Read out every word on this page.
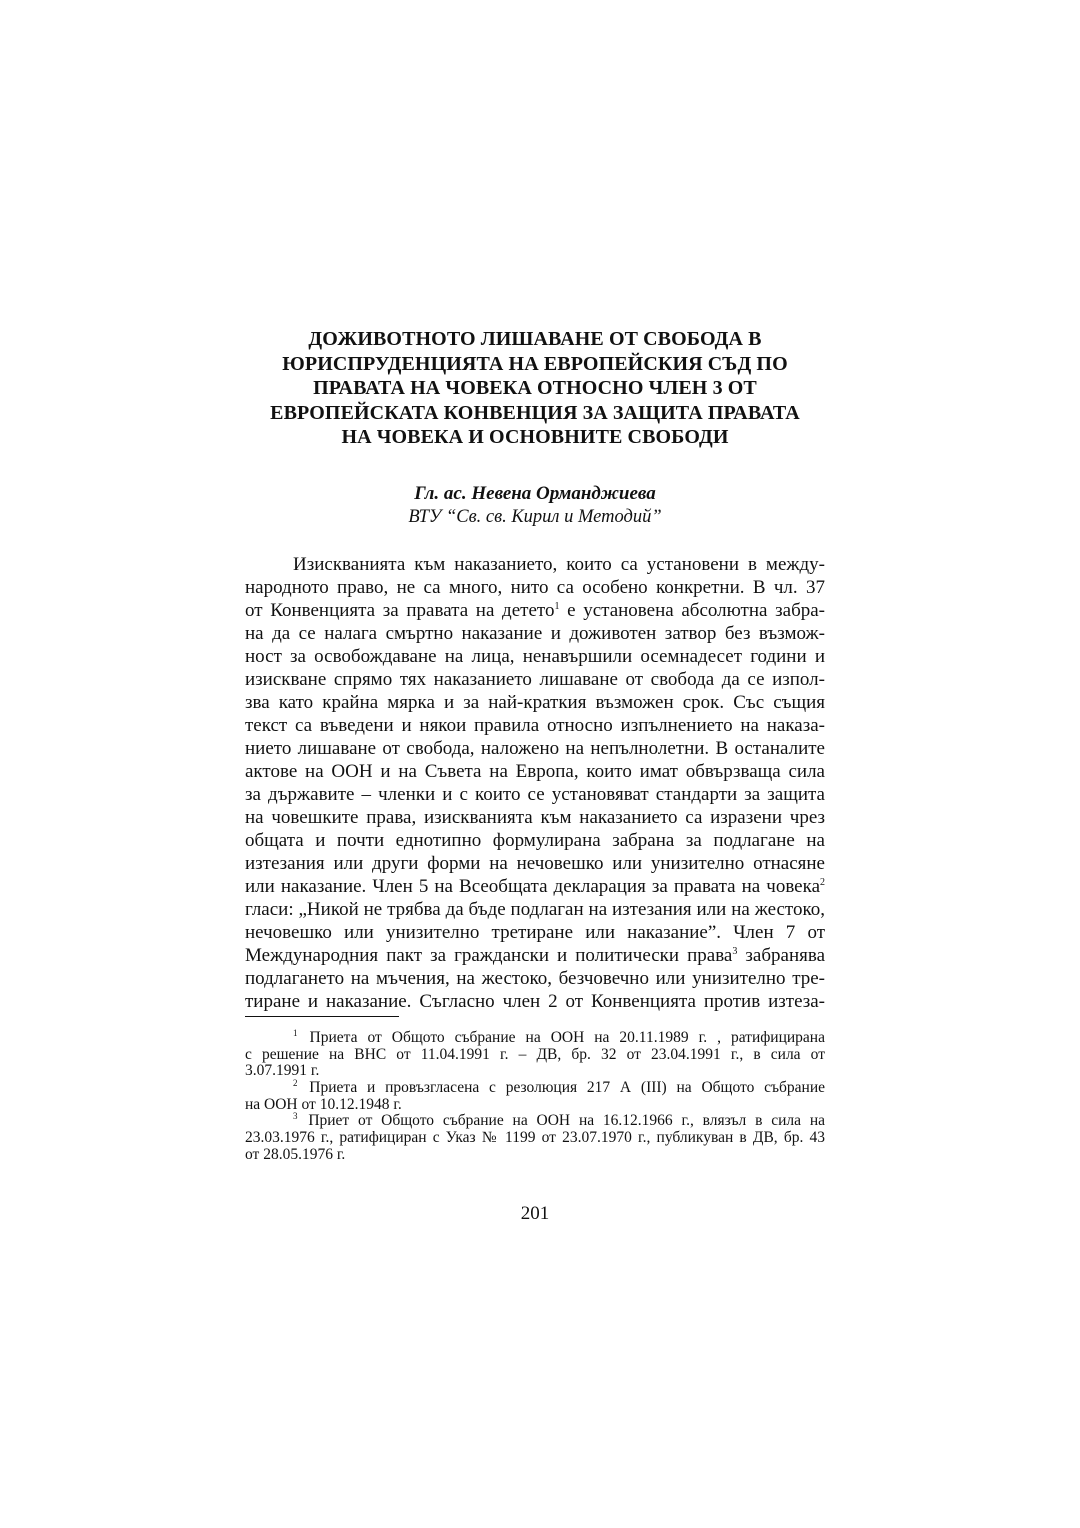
ДОЖИВОТНОТО ЛИШАВАНЕ ОТ СВОБОДА В
ЮРИСПРУДЕНЦИЯТА НА ЕВРОПЕЙСКИЯ СЪД ПО
ПРАВАТА НА ЧОВЕКА ОТНОСНО ЧЛЕН 3 ОТ
ЕВРОПЕЙСКАТА КОНВЕНЦИЯ ЗА ЗАЩИТА ПРАВАТА
НА ЧОВЕКА И ОСНОВНИТЕ СВОБОДИ
Гл. ас. Невена Орманджиева
ВТУ “Св. св. Кирил и Методий”
Изискванията към наказанието, които са установени в между-
народното право, не са много, нито са особено конкретни. В чл. 37
от Конвенцията за правата на детето$^1$ е установена абсолютна забра-
на да се налага смъртно наказание и доживотен затвор без възмож-
ност за освобождаване на лица, ненавършили осемнадесет години и
изискване спрямо тях наказанието лишаване от свобода да се изпол-
зва като крайна мярка и за най-краткия възможен срок. Със същия
текст са въведени и някои правила относно изпълнението на наказа-
нието лишаване от свобода, наложено на непълнолетни. В останалите
актове на ООН и на Съвета на Европа, които имат обвързваща сила
за държавите – членки и с които се установяват стандарти за защита
на човешките права, изискванията към наказанието са изразени чрез
общата и почти еднотипно формулирана забрана за подлагане на
изтезания или други форми на нечовешко или унизително отнасяне
или наказание. Член 5 на Всеобщата декларация за правата на човека$^2$
гласи: „Никой не трябва да бъде подлаган на изтезания или на жестоко,
нечовешко или унизително третиране или наказание”. Член 7 от
Международния пакт за граждански и политически права$^3$ забранява
подлагането на мъчения, на жестоко, безчовечно или унизително тре-
тиране и наказание. Съгласно член 2 от Конвенцията против изтеза-
$^1$ Приета от Общото събрание на ООН на 20.11.1989 г. , ратифицирана
с решение на ВНС от 11.04.1991 г. – ДВ, бр. 32 от 23.04.1991 г., в сила от
3.07.1991 г.
$^2$ Приета и провъзгласена с резолюция 217 А (III) на Общото събрание
на ООН от 10.12.1948 г.
$^3$ Приет от Общото събрание на ООН на 16.12.1966 г., влязъл в сила на
23.03.1976 г., ратифициран с Указ № 1199 от 23.07.1970 г., публикуван в ДВ, бр. 43
от 28.05.1976 г.
201
